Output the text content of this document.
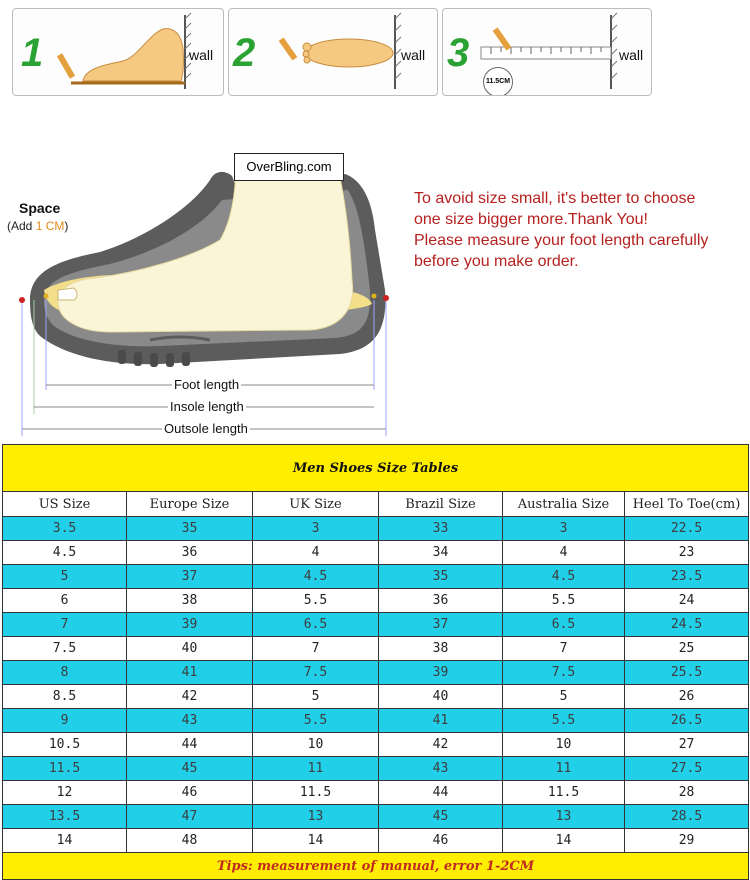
1	wall 2	wall 3	wall
11.5CM
OverBling.com
Space
(Add 1 CM)
Foot length
Insole length
Outsole length
To avoid size small, it's better to choose
one size bigger more.Thank You!
Please measure your foot length carefully
before you make order.
Men Shoes Size Tables					
US Size	Europe Size	UK Size	Brazil Size	Australia Size	Heel To Toe(cm)
3.5	35	3	33	3	22.5
4.5	36	4	34	4	23
5	37	4.5	35	4.5	23.5
6	38	5.5	36	5.5	24
7	39	6.5	37	6.5	24.5
7.5	40	7	38	7	25
8	41	7.5	39	7.5	25.5
8.5	42	5	40	5	26
9	43	5.5	41	5.5	26.5
10.5	44	10	42	10	27
11.5	45	11	43	11	27.5
12	46	11.5	44	11.5	28
13.5	47	13	45	13	28.5
14	48	14	46	14	29
Tips: measurement of manual, error 1-2CM					
